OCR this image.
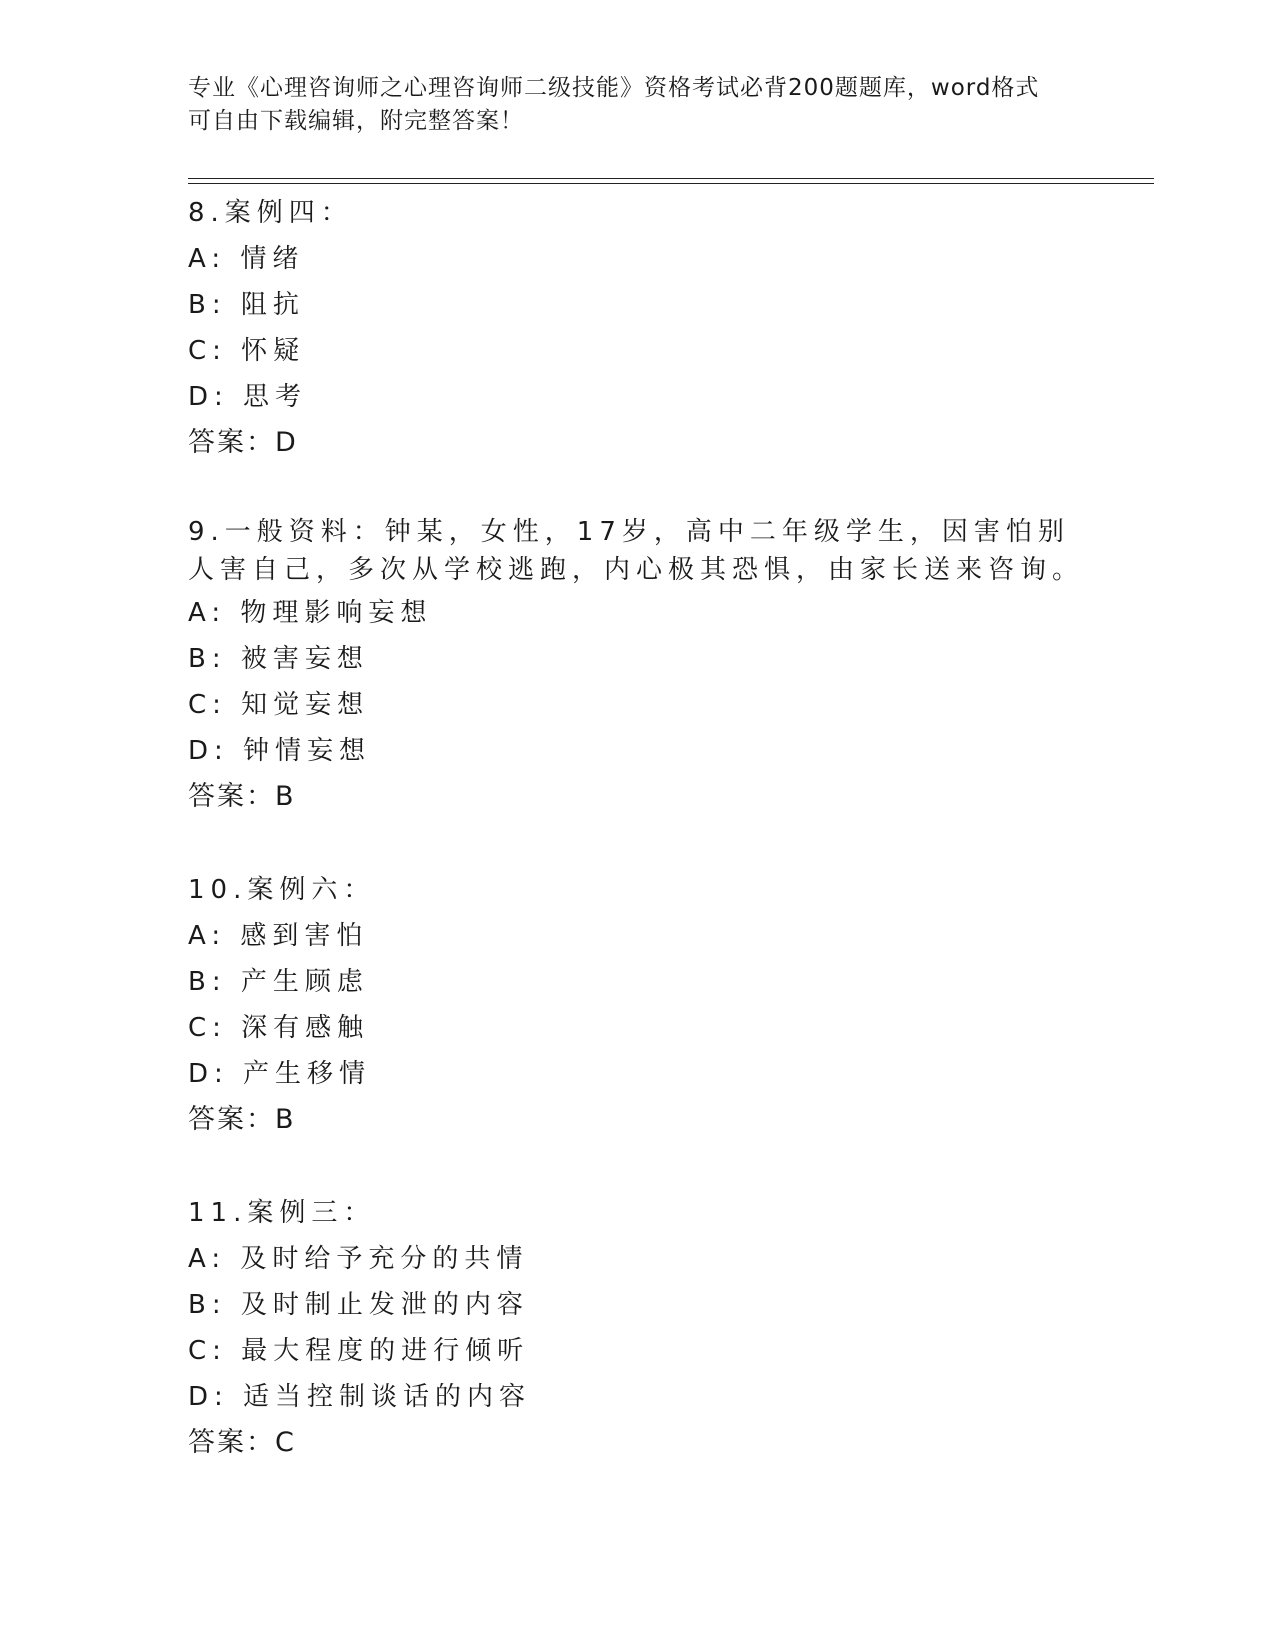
专业《心理咨询师之心理咨询师二级技能》资格考试必背200题题库，word格式
可自由下载编辑，附完整答案！

8.案例四：

A: 情绪

B: 阻抗

C: 怀疑

D: 思考

答案：D

9.一般资料：钟某，女性，17岁，高中二年级学生，因害怕别人害自己，多次从学校逃跑，内心极其恐惧，由家长送来咨询。

A: 物理影响妄想

B: 被害妄想

C: 知觉妄想

D: 钟情妄想

答案：B

10.案例六：

A: 感到害怕

B: 产生顾虑

C: 深有感触

D: 产生移情

答案：B

11.案例三：

A: 及时给予充分的共情

B: 及时制止发泄的内容

C: 最大程度的进行倾听

D: 适当控制谈话的内容

答案：C
